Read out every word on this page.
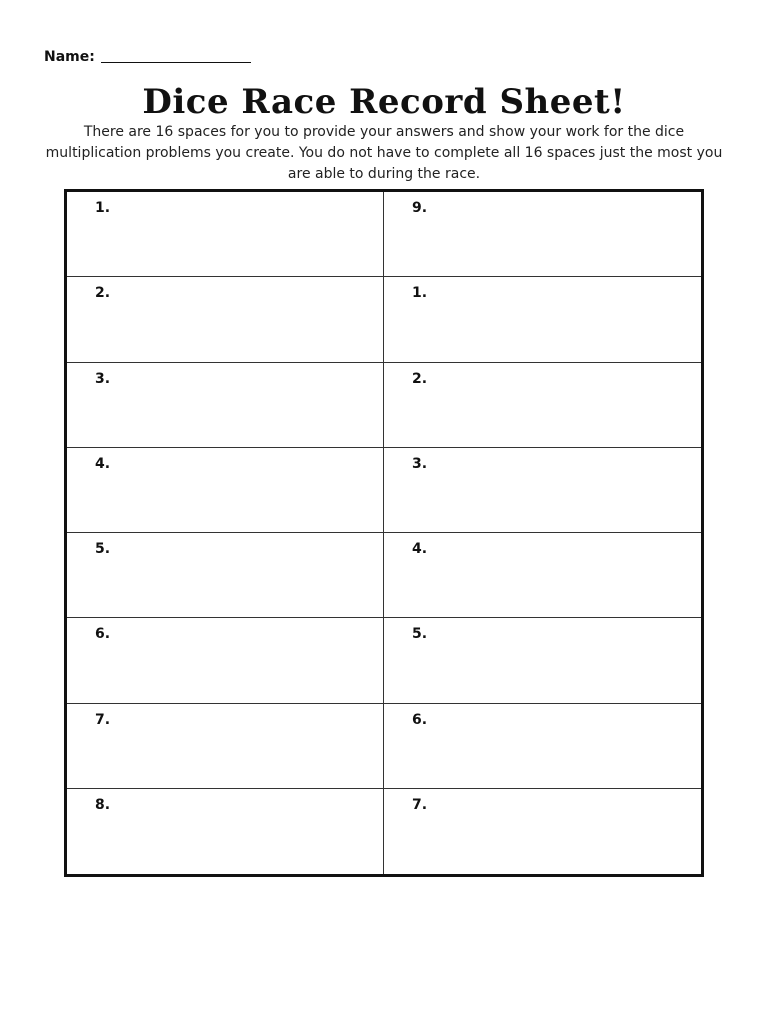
Name:
Dice Race Record Sheet!
There are 16 spaces for you to provide your answers and show your work for the dice multiplication problems you create. You do not have to complete all 16 spaces just the most you are able to during the race.
1.	9.
2.	1.
3.	2.
4.	3.
5.	4.
6.	5.
7.	6.
8.	7.
